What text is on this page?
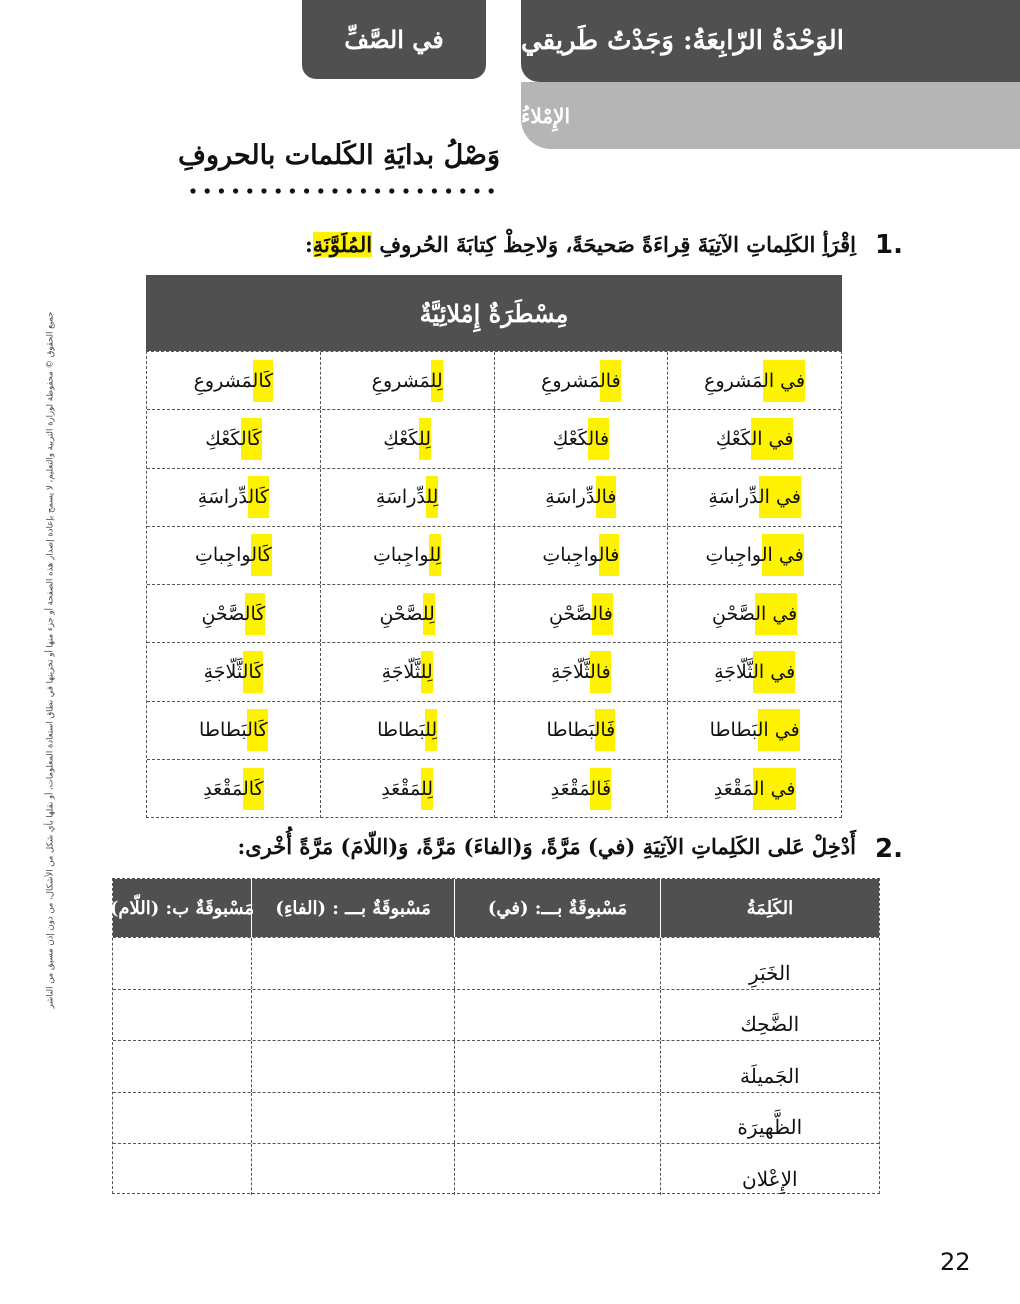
الوَحْدَةُ الرّابِعَةُ: وَجَدْتُ طَريقي
الإِمْلاءُ
في الصَّفِّ
وَصْلُ بدايَةِ الكَلمات بالحروفِ
1.
اِقْرَأِ الكَلِماتِ الآتِيَةَ قِراءَةً صَحيحَةً، وَلاحِظْ كِتابَةَ الحُروفِ المُلَوَّنَةِ:
مِسْطَرَةٌ إِمْلائِيَّةٌ
في المَشروعِ
فالمَشروعِ
لِلمَشروعِ
كَالمَشروعِ
في الكَعْكِ
فالكَعْكِ
لِلكَعْكِ
كَالكَعْكِ
في الدِّراسَةِ
فالدِّراسَةِ
لِلدِّراسَةِ
كَالدِّراسَةِ
في الواجِباتِ
فالواجِباتِ
لِلواجِباتِ
كَالواجِباتِ
في الصَّحْنِ
فالصَّحْنِ
لِلصَّحْنِ
كَالصَّحْنِ
في الثَّلّاجَةِ
فالثَّلّاجَةِ
لِلثَّلّاجَةِ
كَالثَّلّاجَةِ
في البَطاطا
فَالبَطاطا
لِلبَطاطا
كَالبَطاطا
في المَقْعَدِ
فَالمَقْعَدِ
لِلمَقْعَدِ
كَالمَقْعَدِ
2.
أَدْخِلْ عَلى الكَلِماتِ الآتِيَةِ (في) مَرَّةً، وَ(الفاءَ) مَرَّةً، وَ(اللّامَ) مَرَّةً أُخْرى:
الكَلِمَةُ
مَسْبوقَةٌ بـــ: (في)
مَسْبوقَةٌ بـــ : (الفاءِ)
مَسْبوقَةٌ ب: (اللّام)
الخَبَرِ
الضَّحِك
الجَميلَة
الظَّهيرَة
الإِعْلان
جميع الحقوق © محفوظة لوزارة التربية والتعليم، لا يسمح بإعادة إصدار هذه الصفحة أو جزء منها أو تخزينها في نطاق استعادة المعلومات، أو نقلها بأي شكل من الأشكال، من دون إذن مسبق من الناشر
22
